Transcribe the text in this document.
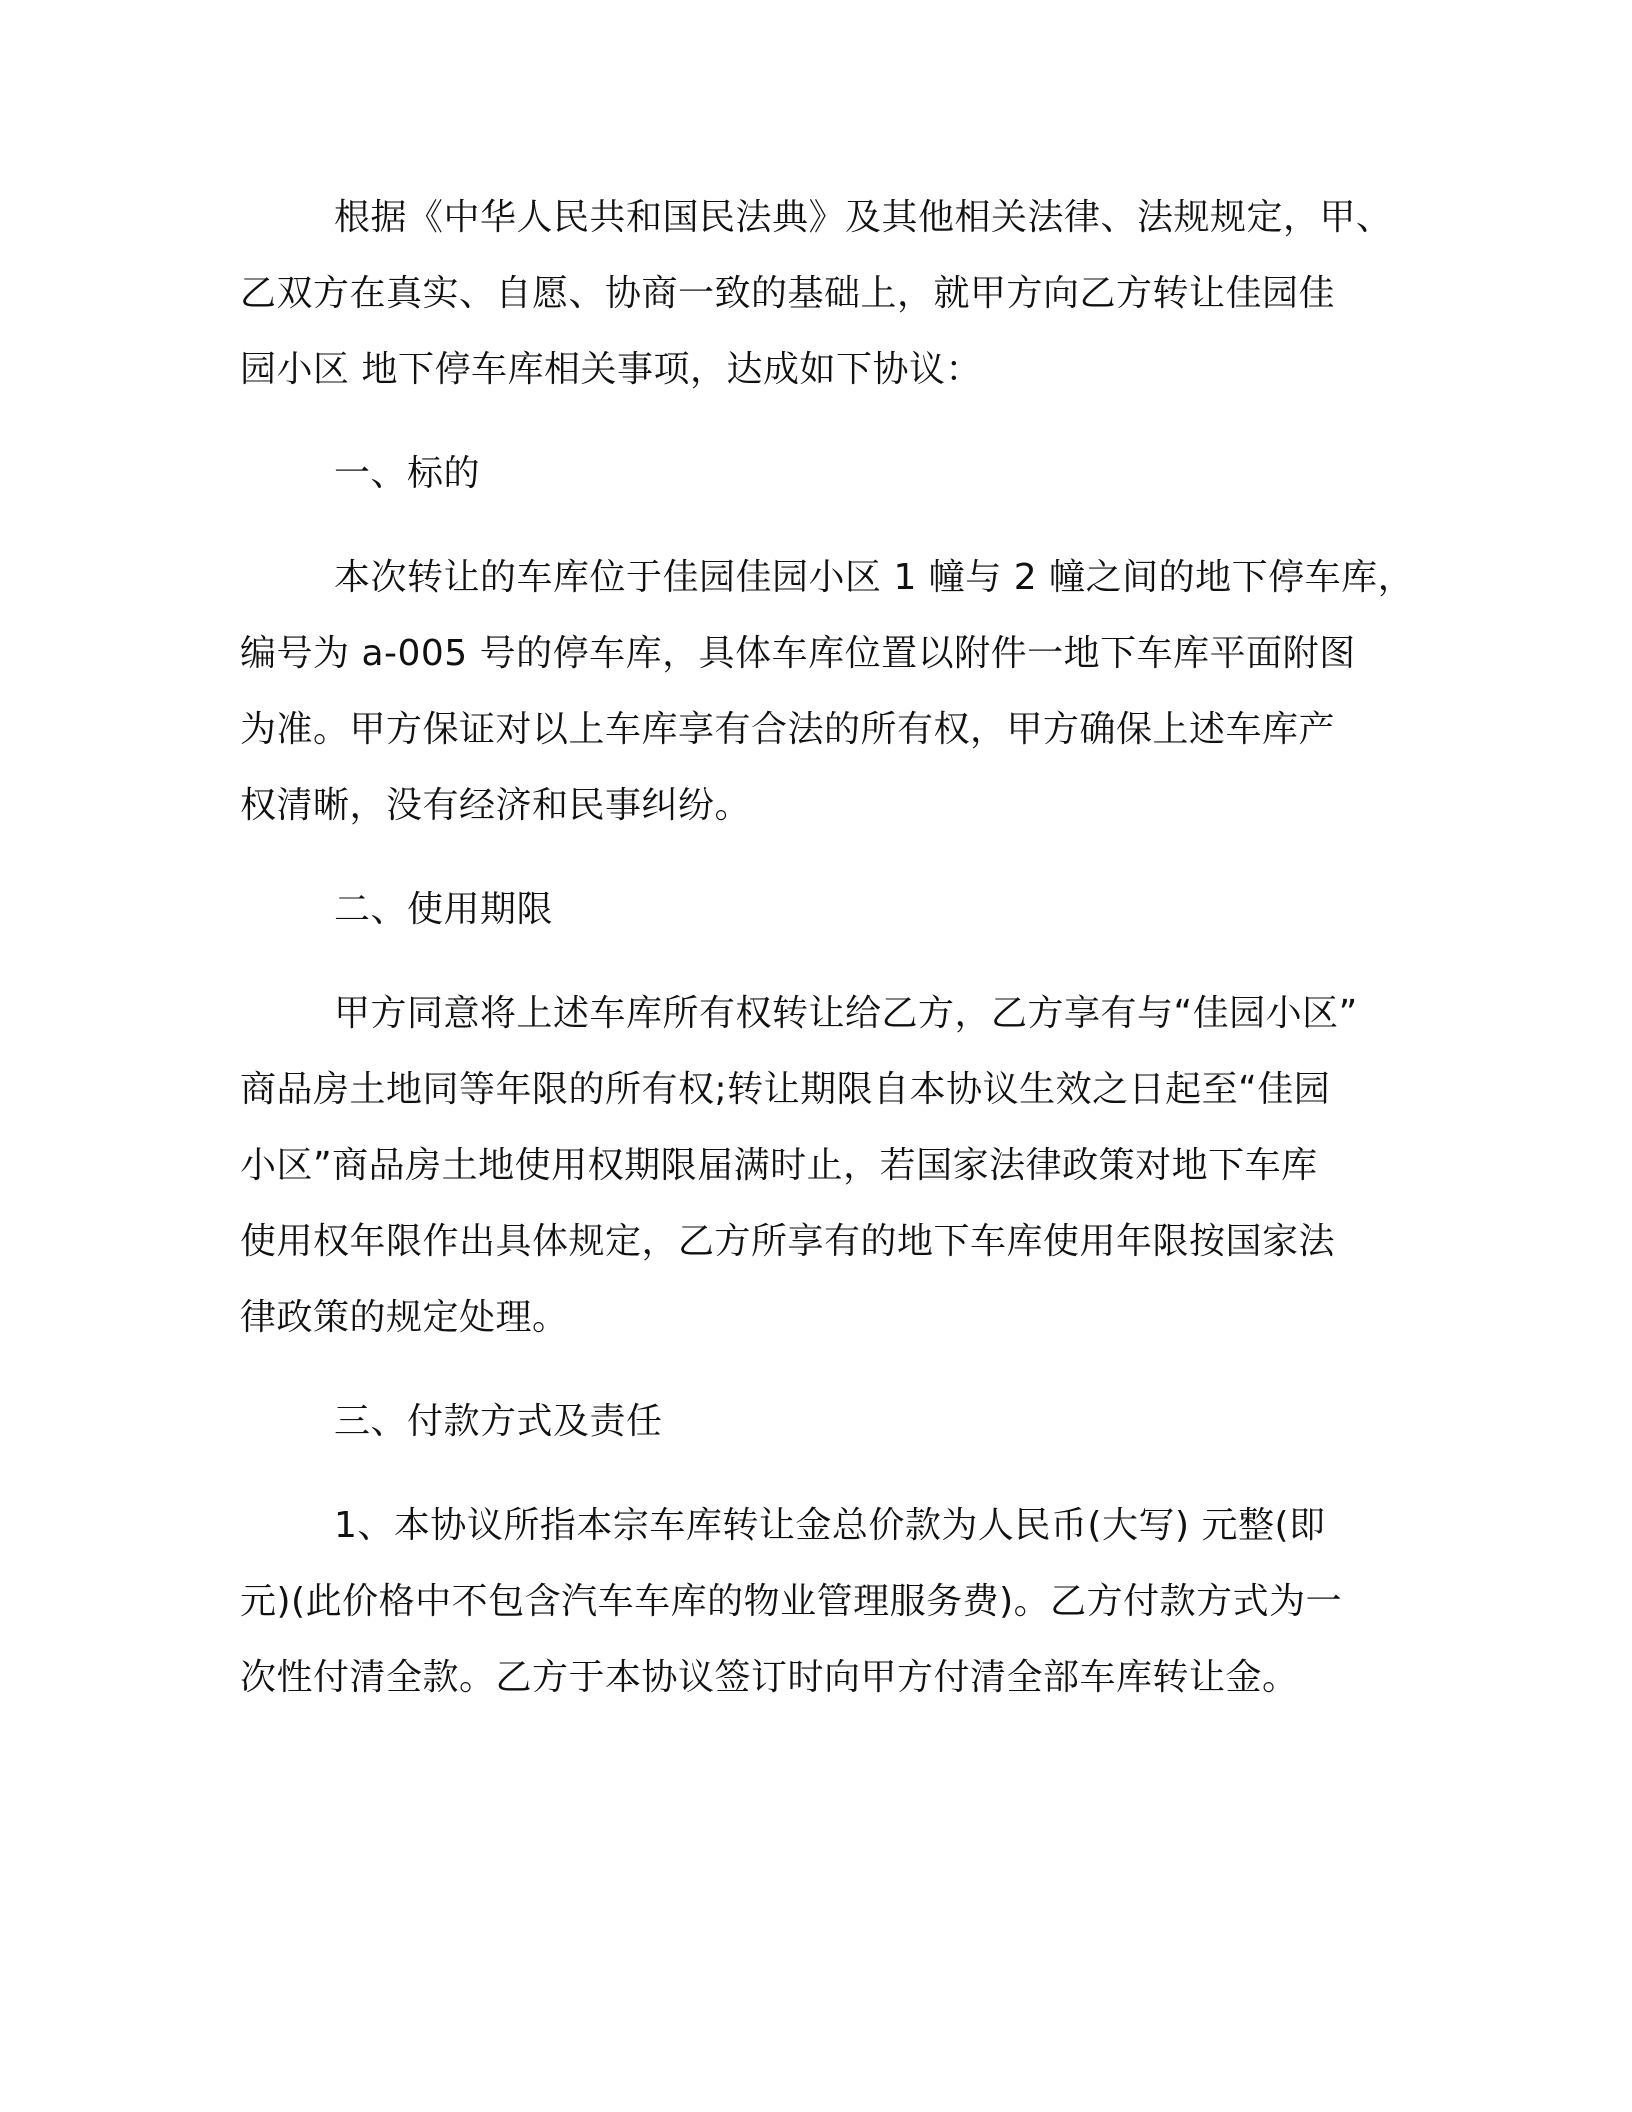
根据《中华人民共和国民法典》及其他相关法律、法规规定，甲、

乙双方在真实、自愿、协商一致的基础上，就甲方向乙方转让佳园佳

园小区 地下停车库相关事项，达成如下协议：

一、标的

本次转让的车库位于佳园佳园小区 1 幢与 2 幢之间的地下停车库，

编号为 a-005 号的停车库，具体车库位置以附件一地下车库平面附图

为准。甲方保证对以上车库享有合法的所有权，甲方确保上述车库产

权清晰，没有经济和民事纠纷。

二、使用期限

甲方同意将上述车库所有权转让给乙方，乙方享有与“佳园小区”

商品房土地同等年限的所有权;转让期限自本协议生效之日起至“佳园

小区”商品房土地使用权期限届满时止，若国家法律政策对地下车库

使用权年限作出具体规定，乙方所享有的地下车库使用年限按国家法

律政策的规定处理。

三、付款方式及责任

1、本协议所指本宗车库转让金总价款为人民币(大写) 元整(即

元)(此价格中不包含汽车车库的物业管理服务费)。乙方付款方式为一

次性付清全款。乙方于本协议签订时向甲方付清全部车库转让金。
